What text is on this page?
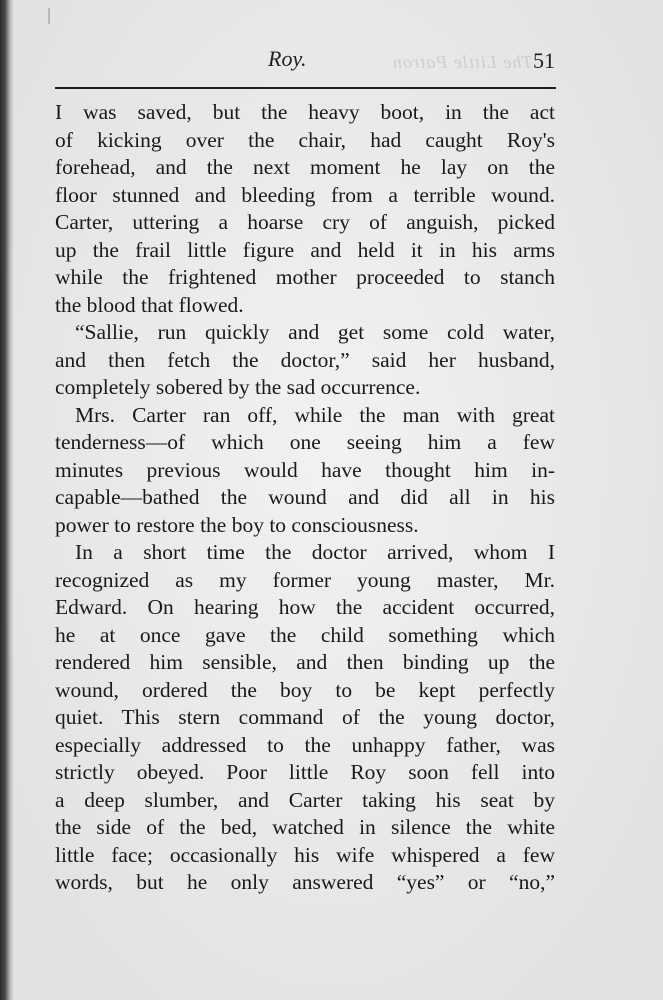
The Little Patron
Roy.	51
I was saved, but the heavy boot, in the act
of kicking over the chair, had caught Roy's
forehead, and the next moment he lay on the
floor stunned and bleeding from a terrible wound.
Carter, uttering a hoarse cry of anguish, picked
up the frail little figure and held it in his arms
while the frightened mother proceeded to stanch
the blood that flowed.
“Sallie, run quickly and get some cold water,
and then fetch the doctor,” said her husband,
completely sobered by the sad occurrence.
Mrs. Carter ran off, while the man with great
tenderness—of which one seeing him a few
minutes previous would have thought him in-
capable—bathed the wound and did all in his
power to restore the boy to consciousness.
In a short time the doctor arrived, whom I
recognized as my former young master, Mr.
Edward. On hearing how the accident occurred,
he at once gave the child something which
rendered him sensible, and then binding up the
wound, ordered the boy to be kept perfectly
quiet. This stern command of the young doctor,
especially addressed to the unhappy father, was
strictly obeyed. Poor little Roy soon fell into
a deep slumber, and Carter taking his seat by
the side of the bed, watched in silence the white
little face; occasionally his wife whispered a few
words, but he only answered “yes” or “no,”
